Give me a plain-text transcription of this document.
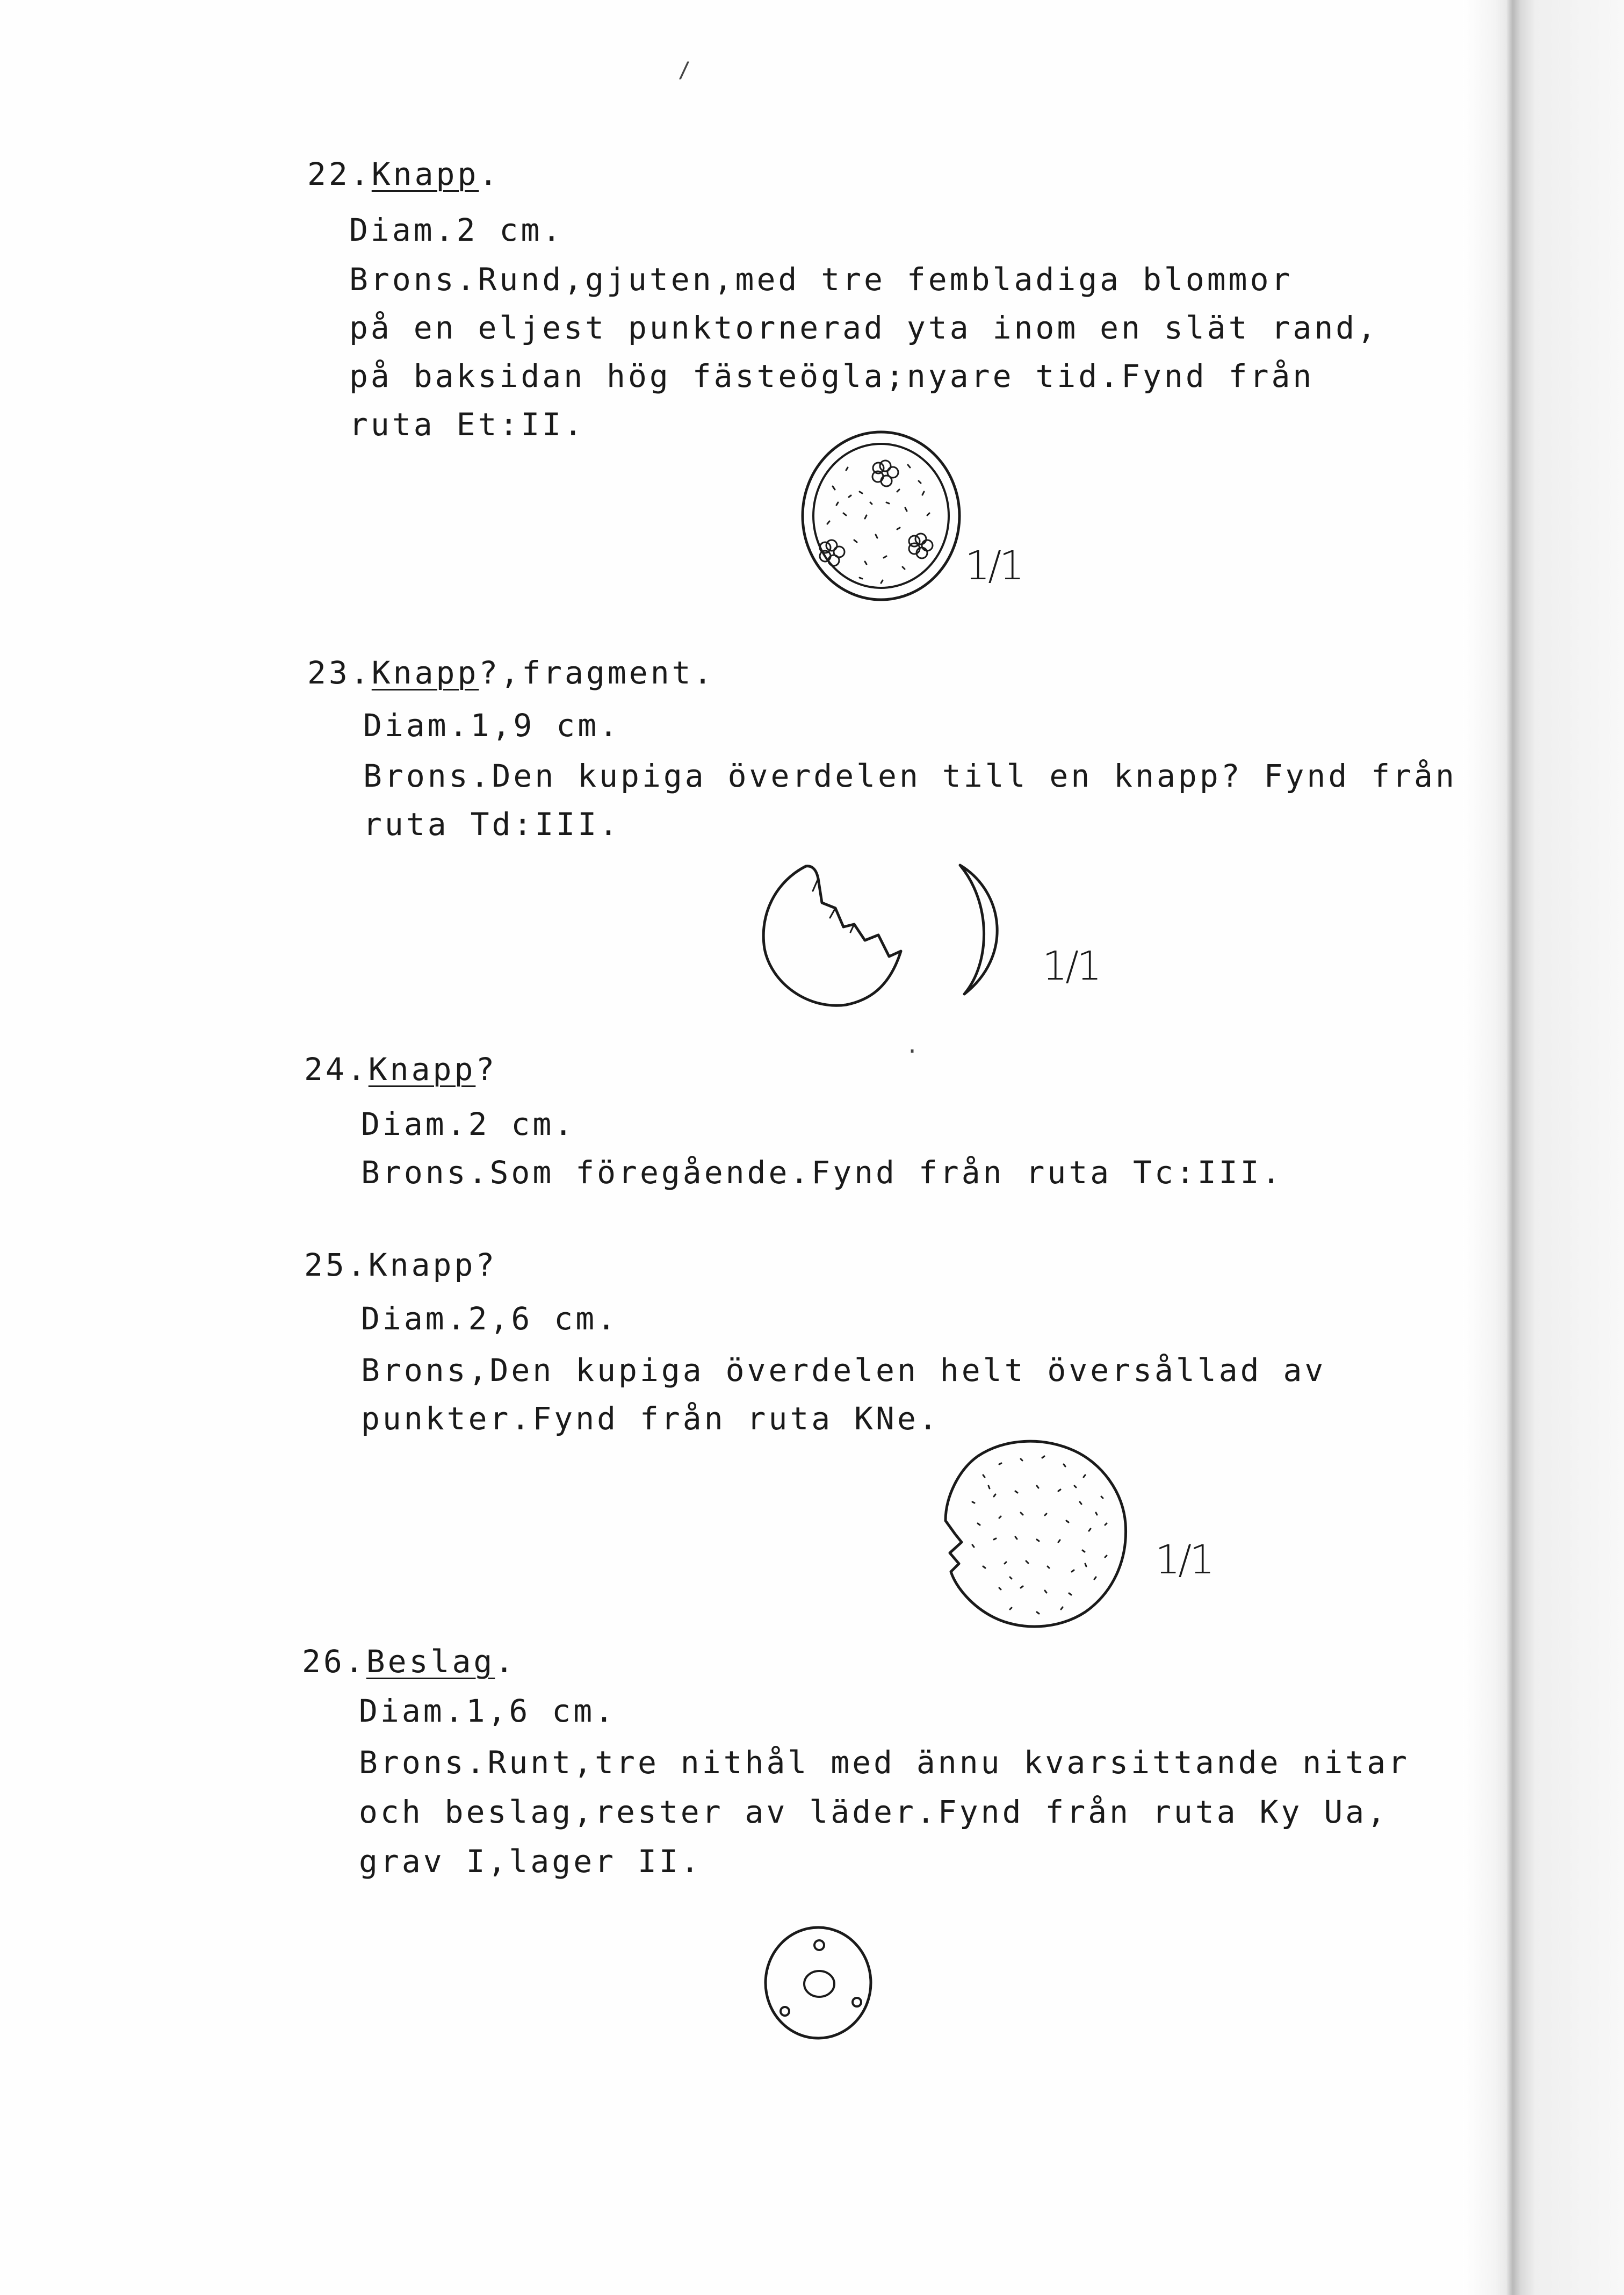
/
22.Knapp.
Diam.2 cm.
Brons.Rund,gjuten,med tre fembladiga blommor
på en eljest punktornerad yta inom en slät rand,
på baksidan hög fästeögla;nyare tid.Fynd från
ruta Et:II.
1/1
23.Knapp?,fragment.
Diam.1,9 cm.
Brons.Den kupiga överdelen till en knapp? Fynd från
ruta Td:III.
1/1
·
24.Knapp?
Diam.2 cm.
Brons.Som föregående.Fynd från ruta Tc:III.
25.Knapp?
Diam.2,6 cm.
Brons,Den kupiga överdelen helt översållad av
punkter.Fynd från ruta KNe.
1/1
26.Beslag.
Diam.1,6 cm.
Brons.Runt,tre nithål med ännu kvarsittande nitar
och beslag,rester av läder.Fynd från ruta Ky Ua,
grav I,lager II.
